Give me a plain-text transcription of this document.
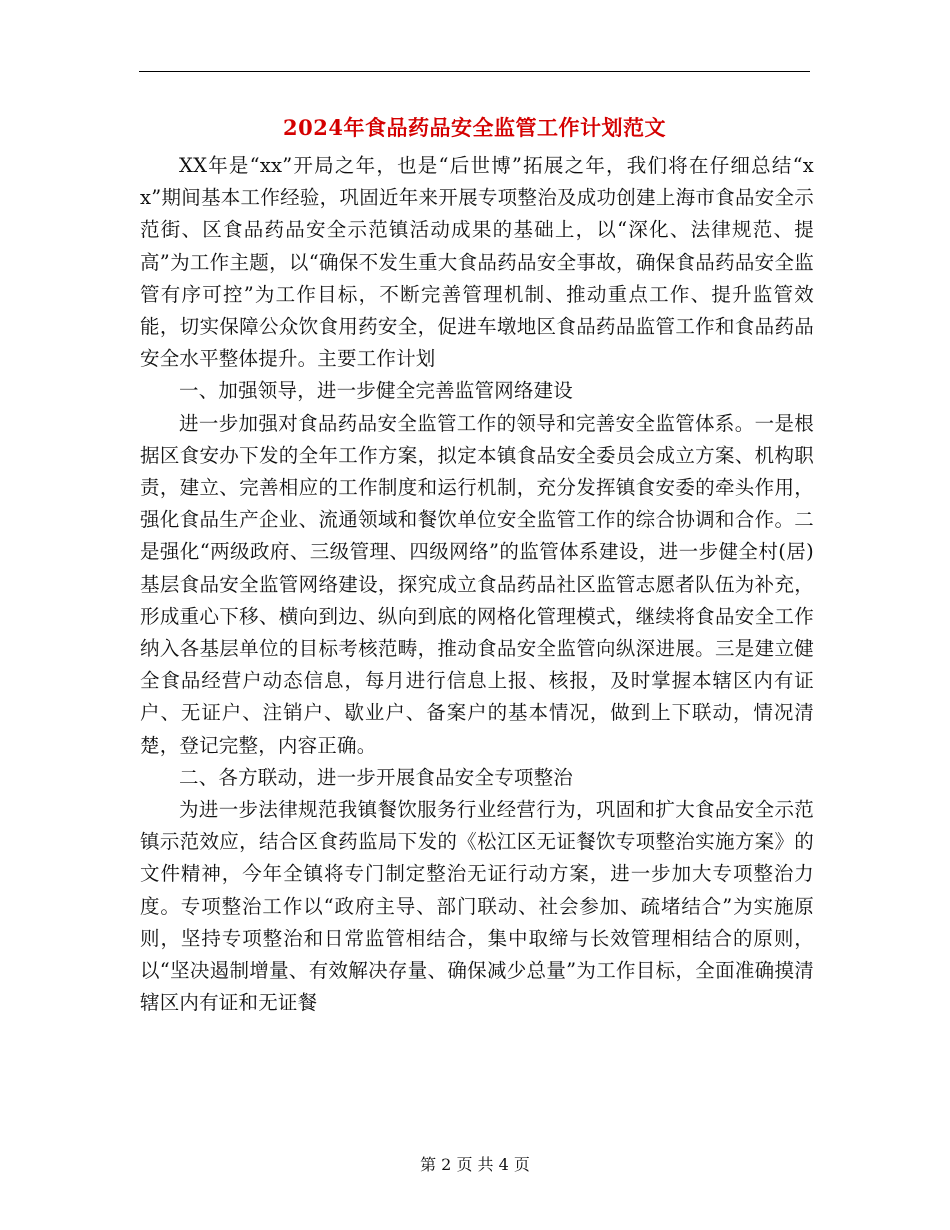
2024年食品药品安全监管工作计划范文

XX年是“xx”开局之年，也是“后世博”拓展之年，我们将在仔细总结“xx”期间基本工作经验，巩固近年来开展专项整治及成功创建上海市食品安全示范街、区食品药品安全示范镇活动成果的基础上，以“深化、法律规范、提高”为工作主题，以“确保不发生重大食品药品安全事故，确保食品药品安全监管有序可控”为工作目标，不断完善管理机制、推动重点工作、提升监管效能，切实保障公众饮食用药安全，促进车墩地区食品药品监管工作和食品药品安全水平整体提升。主要工作计划

一、加强领导，进一步健全完善监管网络建设

进一步加强对食品药品安全监管工作的领导和完善安全监管体系。一是根据区食安办下发的全年工作方案，拟定本镇食品安全委员会成立方案、机构职责，建立、完善相应的工作制度和运行机制，充分发挥镇食安委的牵头作用，强化食品生产企业、流通领域和餐饮单位安全监管工作的综合协调和合作。二是强化“两级政府、三级管理、四级网络”的监管体系建设，进一步健全村(居)基层食品安全监管网络建设，探究成立食品药品社区监管志愿者队伍为补充，形成重心下移、横向到边、纵向到底的网格化管理模式，继续将食品安全工作纳入各基层单位的目标考核范畴，推动食品安全监管向纵深进展。三是建立健全食品经营户动态信息，每月进行信息上报、核报，及时掌握本辖区内有证户、无证户、注销户、歇业户、备案户的基本情况，做到上下联动，情况清楚，登记完整，内容正确。

二、各方联动，进一步开展食品安全专项整治

为进一步法律规范我镇餐饮服务行业经营行为，巩固和扩大食品安全示范镇示范效应，结合区食药监局下发的《松江区无证餐饮专项整治实施方案》的文件精神，今年全镇将专门制定整治无证行动方案，进一步加大专项整治力度。专项整治工作以“政府主导、部门联动、社会参加、疏堵结合”为实施原则，坚持专项整治和日常监管相结合，集中取缔与长效管理相结合的原则，以“坚决遏制增量、有效解决存量、确保减少总量”为工作目标，全面准确摸清辖区内有证和无证餐

第 2 页 共 4 页
